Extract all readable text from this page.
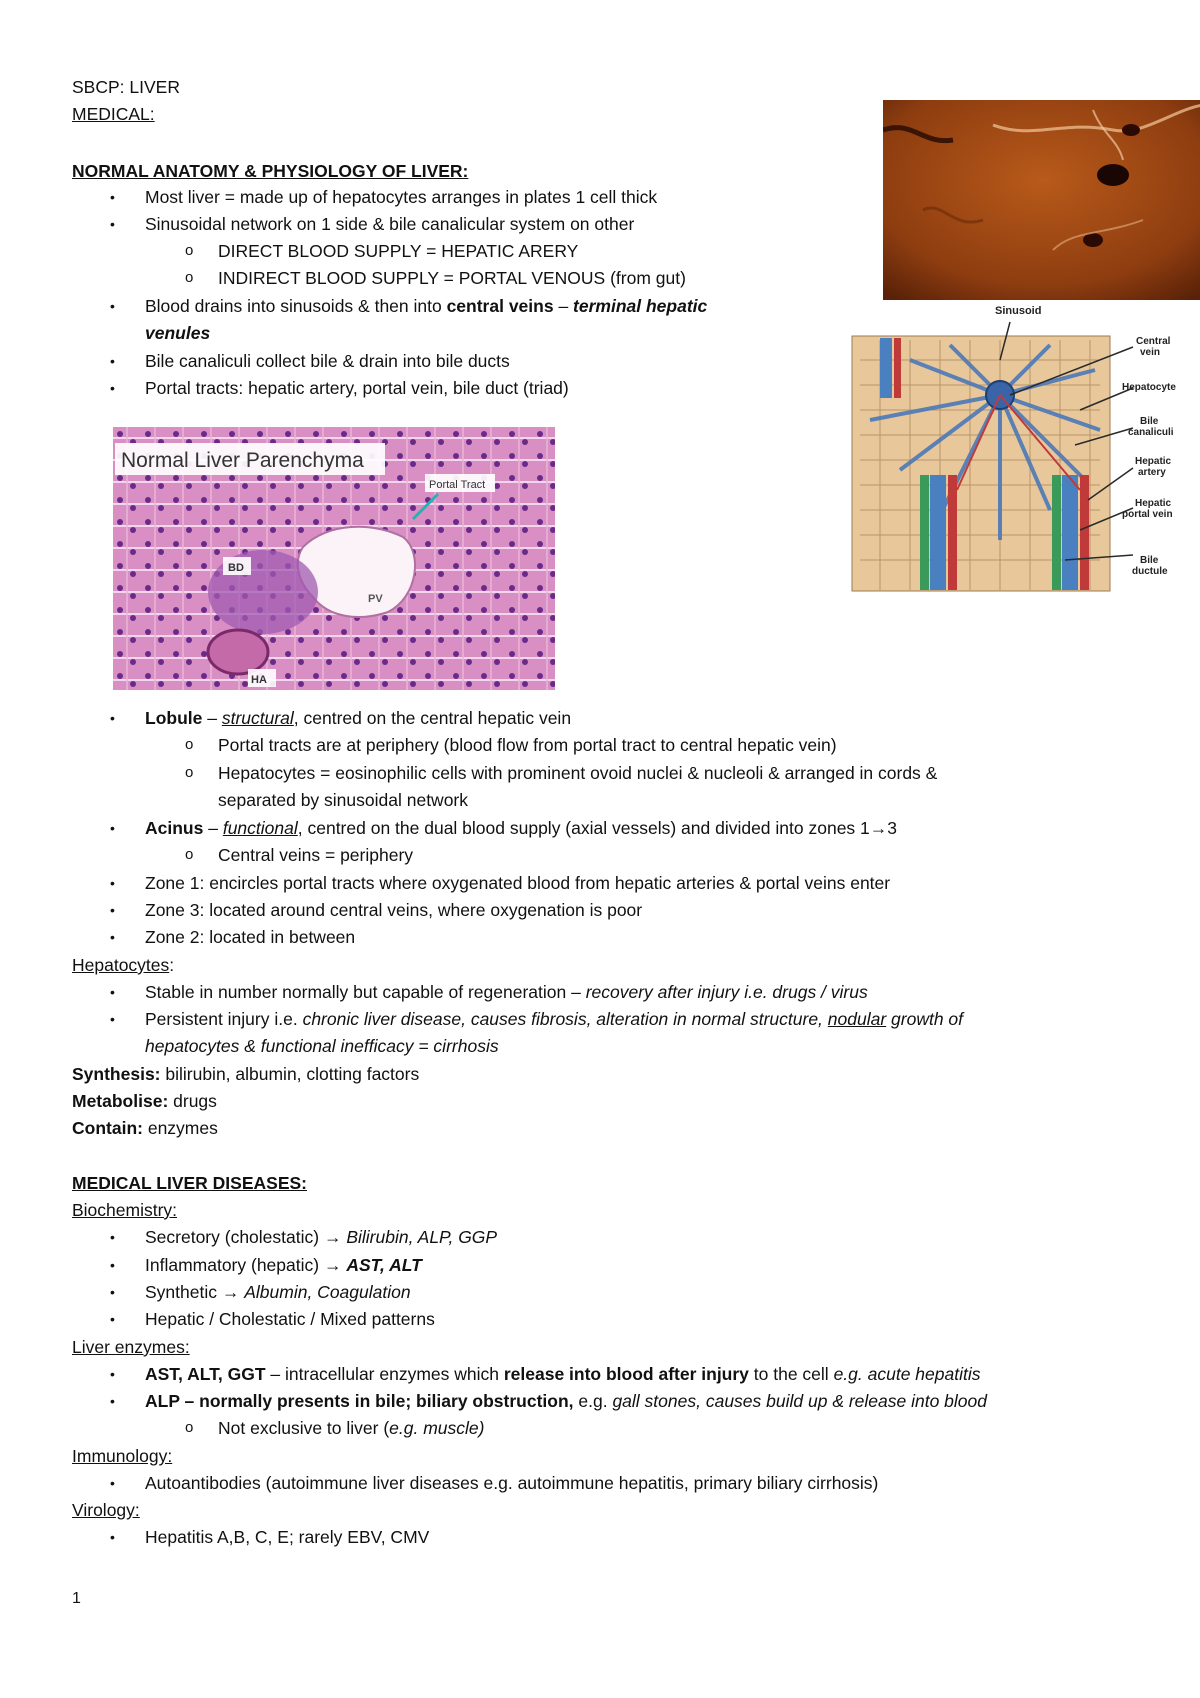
SBCP: LIVER
MEDICAL:
NORMAL ANATOMY & PHYSIOLOGY OF LIVER:
• Most liver = made up of hepatocytes arranges in plates 1 cell thick
• Sinusoidal network on 1 side & bile canalicular system on other
o DIRECT BLOOD SUPPLY = HEPATIC ARERY
o INDIRECT BLOOD SUPPLY = PORTAL VENOUS (from gut)
• Blood drains into sinusoids & then into central veins – terminal hepatic
venules
• Bile canaliculi collect bile & drain into bile ducts
• Portal tracts: hepatic artery, portal vein, bile duct (triad)
Sinusoid
Central
vein
Hepatocyte
Bile
canaliculi
Hepatic
artery
Hepatic
portal vein
Bile
ductule
Normal Liver Parenchyma
Portal Tract
BD
PV
HA
• Lobule – structural, centred on the central hepatic vein
o Portal tracts are at periphery (blood flow from portal tract to central hepatic vein)
o Hepatocytes = eosinophilic cells with prominent ovoid nuclei & nucleoli & arranged in cords &
separated by sinusoidal network
• Acinus – functional, centred on the dual blood supply (axial vessels) and divided into zones 1→3
o Central veins = periphery
• Zone 1: encircles portal tracts where oxygenated blood from hepatic arteries & portal veins enter
• Zone 3: located around central veins, where oxygenation is poor
• Zone 2: located in between
Hepatocytes:
• Stable in number normally but capable of regeneration – recovery after injury i.e. drugs / virus
• Persistent injury i.e. chronic liver disease, causes fibrosis, alteration in normal structure, nodular growth of
hepatocytes & functional inefficacy = cirrhosis
Synthesis: bilirubin, albumin, clotting factors
Metabolise: drugs
Contain: enzymes
MEDICAL LIVER DISEASES:
Biochemistry:
• Secretory (cholestatic) → Bilirubin, ALP, GGP
• Inflammatory (hepatic) → AST, ALT
• Synthetic → Albumin, Coagulation
• Hepatic / Cholestatic / Mixed patterns
Liver enzymes:
• AST, ALT, GGT – intracellular enzymes which release into blood after injury to the cell e.g. acute hepatitis
• ALP – normally presents in bile; biliary obstruction, e.g. gall stones, causes build up & release into blood
o Not exclusive to liver (e.g. muscle)
Immunology:
• Autoantibodies (autoimmune liver diseases e.g. autoimmune hepatitis, primary biliary cirrhosis)
Virology:
• Hepatitis A,B, C, E; rarely EBV, CMV
1
